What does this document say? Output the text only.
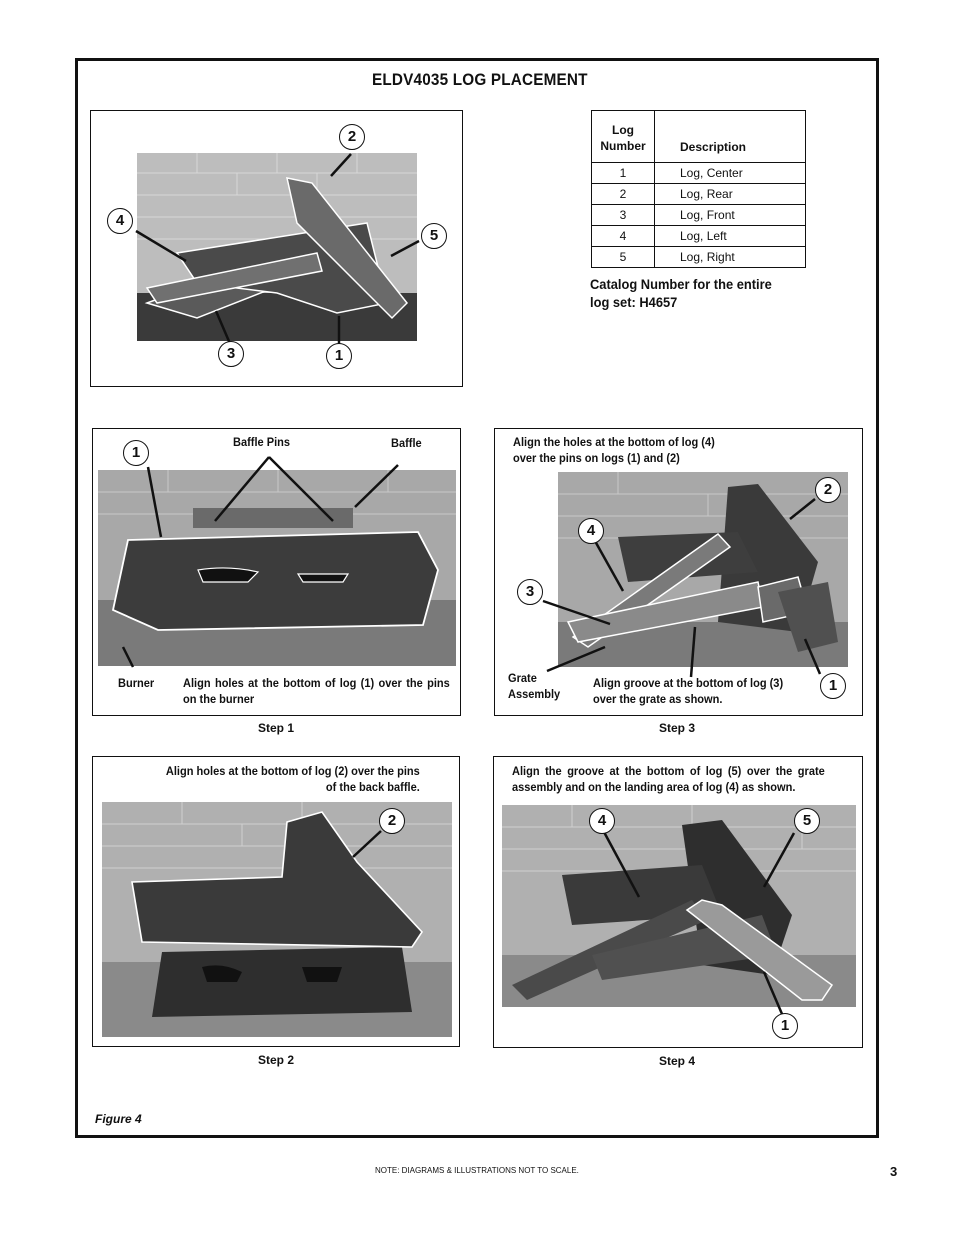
ELDV4035 LOG PLACEMENT
2
4
5
3	1
Log
Number	Description
1	Log, Center
2	Log, Rear
3	Log, Front
4	Log, Left
5	Log, Right
Catalog Number for the entire log set: H4657
1
Baffle Pins	Baffle
Burner Align holes at the bottom of log (1) over the pins on the burner
Step 1
Align the holes at the bottom of log (4) over the pins on logs (1) and (2)
2
4
3
1
Grate Assembly
Align groove at the bottom of log (3) over the grate as shown.
Step 3
Align holes at the bottom of log (2) over the pins of the back baffle.
2
Step 2
Align the groove at the bottom of log (5) over the grate assembly and on the landing area of log (4) as shown.
4	5
1
Step 4
Figure 4
NOTE: DIAGRAMS & ILLUSTRATIONS NOT TO SCALE.	3
